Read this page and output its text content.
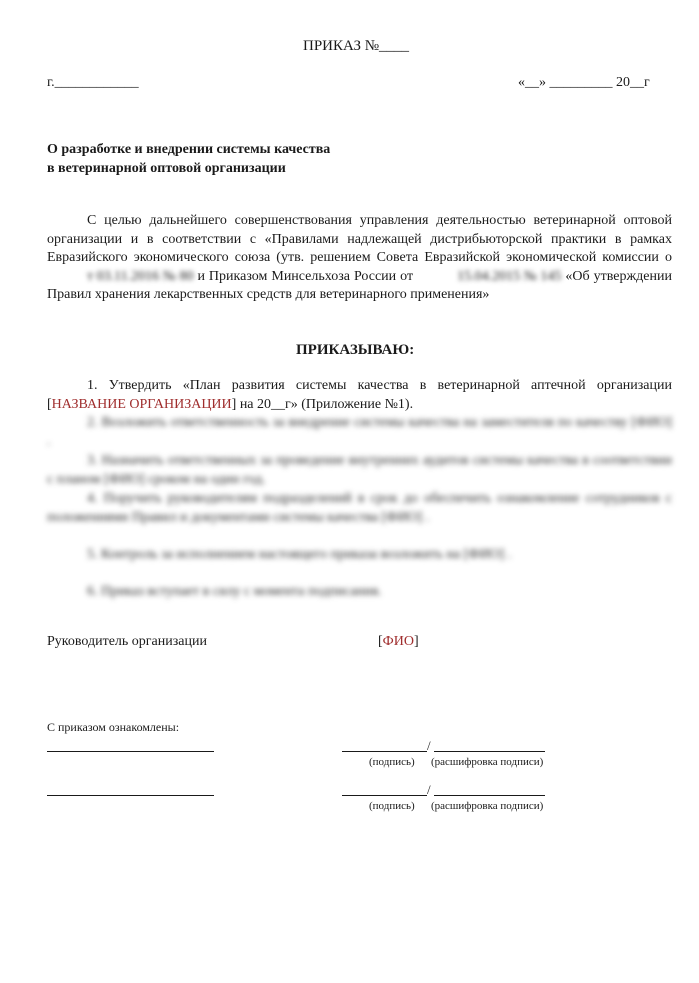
ПРИКАЗ №____
г.____________	«__» _________ 20__г
О разработке и внедрении системы качества
в ветеринарной оптовой организации
С целью дальнейшего совершенствования управления деятельностью ветеринарной оптовой организации и в соответствии с «Правилами надлежащей дистрибьюторской практики в рамках Евразийского экономического союза (утв. решением Совета Евразийской экономической комиссии от 03.11.2016 № 80 и Приказом Минсельхоза России от	15.04.2015 № 145 «Об утверждении Правил хранения лекарственных средств для ветеринарного применения»
ПРИКАЗЫВАЮ:
1. Утвердить «План развития системы качества в ветеринарной аптечной организации [НАЗВАНИЕ ОРГАНИЗАЦИИ] на 20__г» (Приложение №1).
2. Возложить ответственность за внедрение системы качества на заместителя по качеству [ФИО] .
3. Назначить ответственных за проведение внутренних аудитов системы качества в соответствии с планом [ФИО] сроком на один год.
4. Поручить руководителям подразделений в срок до обеспечить ознакомление сотрудников с положениями Правил и документами системы качества [ФИО] .
5. Контроль за исполнением настоящего приказа возложить на [ФИО] .
6. Приказ вступает в силу с момента подписания.
Руководитель организации	[ФИО]
С приказом ознакомлены:
/
(подпись) (расшифровка подписи)
/
(подпись) (расшифровка подписи)
